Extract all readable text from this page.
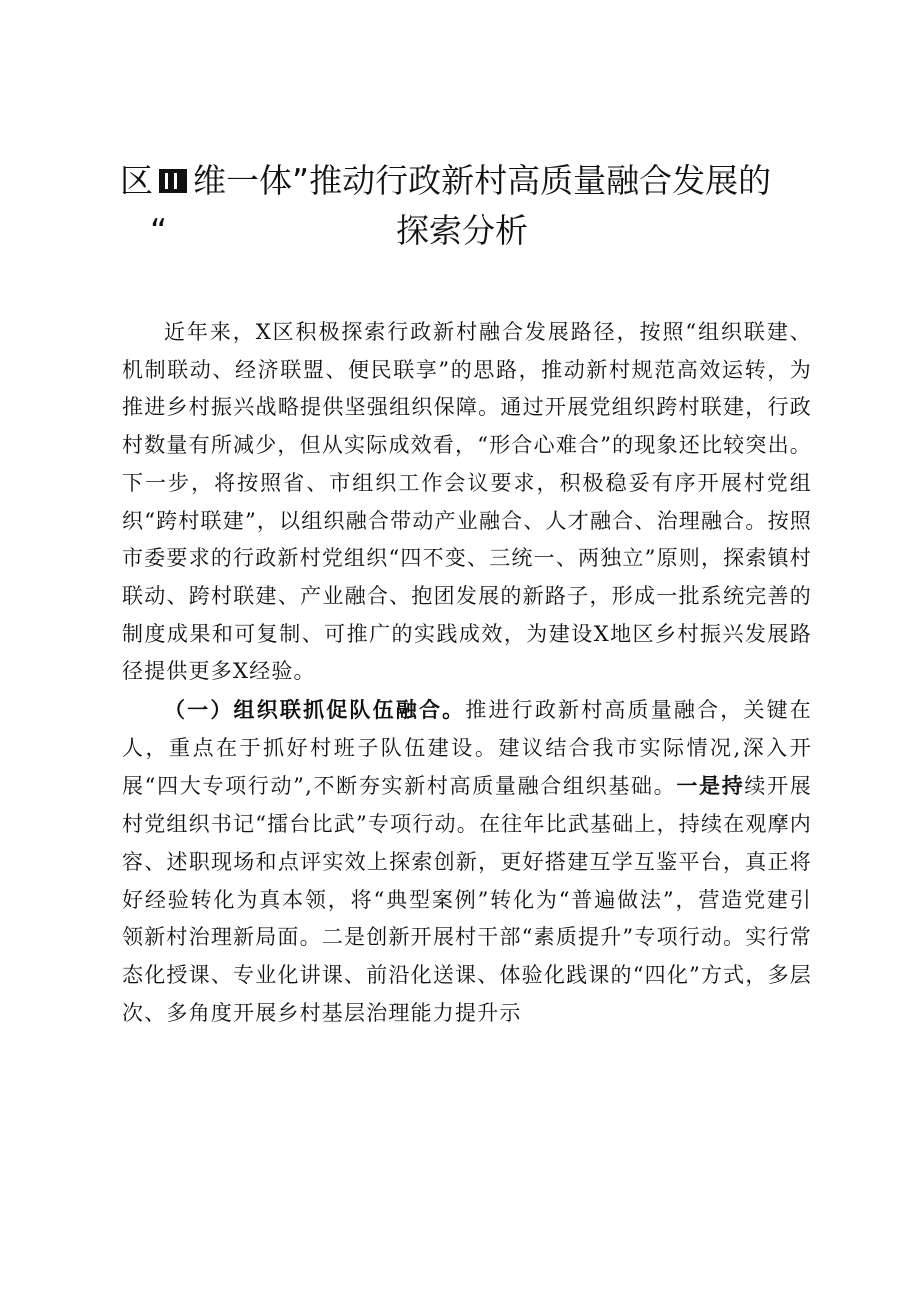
区 维一体”推动行政新村高质量融合发展的
“	探索分析

近年来，X区积极探索行政新村融合发展路径，按照“组织联建、机制联动、经济联盟、便民联享”的思路，推动新村规范高效运转，为推进乡村振兴战略提供坚强组织保障。通过开展党组织跨村联建，行政村数量有所减少，但从实际成效看，“形合心难合”的现象还比较突出。下一步，将按照省、市组织工作会议要求，积极稳妥有序开展村党组织“跨村联建”，以组织融合带动产业融合、人才融合、治理融合。按照市委要求的行政新村党组织“四不变、三统一、两独立”原则，探索镇村联动、跨村联建、产业融合、抱团发展的新路子，形成一批系统完善的制度成果和可复制、可推广的实践成效，为建设X地区乡村振兴发展路径提供更多X经验。

（一）组织联抓促队伍融合。推进行政新村高质量融合，关键在人，重点在于抓好村班子队伍建设。建议结合我市实际情况,深入开展“四大专项行动”,不断夯实新村高质量融合组织基础。一是持续开展村党组织书记“擂台比武”专项行动。在往年比武基础上，持续在观摩内容、述职现场和点评实效上探索创新，更好搭建互学互鉴平台，真正将好经验转化为真本领，将“典型案例”转化为“普遍做法”，营造党建引领新村治理新局面。二是创新开展村干部“素质提升”专项行动。实行常态化授课、专业化讲课、前沿化送课、体验化践课的“四化”方式，多层次、多角度开展乡村基层治理能力提升示
